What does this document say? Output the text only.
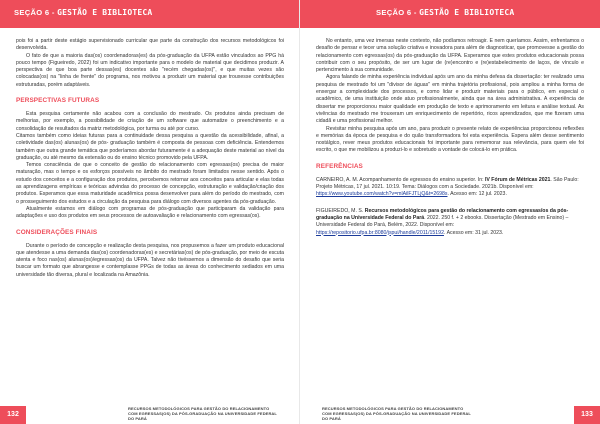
SEÇÃO 6 - GESTÃO E BIBLIOTECA

pois foi a partir deste estágio supervisionado curricular que parte da construção dos recursos metodológicos foi desenvolvida.

O fato de que a maioria das(os) coordenadoras(es) da pós-graduação da UFPA estão vinculados ao PPG há pouco tempo (Figueiredo, 2022) foi um indicativo importante para o modelo de material que decidimos produzir. A perspectiva de que boa parte dessas(es) docentes são "recém chegadas(os)", e que muitas vezes são colocadas(os) na "linha de frente" do programa, nos motivou a produzir um material que trouxesse contribuições estruturadas, porém adaptáveis.

PERSPECTIVAS FUTURAS

Esta pesquisa certamente não acabou com a conclusão do mestrado. Os produtos ainda precisam de melhorias, por exemplo, a possibilidade de criação de um software que automatize o preenchimento e a consolidação de resultados da matriz metodológica, por turma ou até por curso.

Citamos também como ideias futuras para a continuidade dessa pesquisa a questão da acessibilidade, afinal, a coletividade das(os) alunas(os) de pós- graduação também é composta de pessoas com deficiência. Entendemos também que outra grande temática que poderíamos abordar futuramente é a adequação deste material ao nível da graduação, ou até mesmo da extensão ou do ensino técnico promovido pela UFPA.

Temos consciência de que o conceito de gestão do relacionamento com egressas(os) precisa de maior maturação, mas o tempo e os esforços possíveis no âmbito do mestrado foram limitados nesse sentido. Após o estudo dos conceitos e a configuração dos produtos, percebemos retornar aos conceitos para articular e elas todas as aprendizagens empíricas e teóricas advindas do processo de concepção, estruturação e validação/criação dos produtos. Esperamos que essa maturidade acadêmica possa desenvolver para além do período do mestrado, com o prosseguimento dos estudos e a circulação da pesquisa para diálogo com diversos agentes da pós-graduação.

Atualmente estamos em diálogo com programas de pós-graduação que participaram da validação para adaptações e uso dos produtos em seus processos de autoavaliação e relacionamento com egressas(os).

CONSIDERAÇÕES FINAIS

Durante o período de concepção e realização desta pesquisa, nos propusemos a fazer um produto educacional que atendesse a uma demanda das(os) coordenadoras(es) e secretárias(os) de pós-graduação, por meio de escuta atenta e foco nas(os) alunas(os)/egressas(os) da UFPA. Talvez não tivéssemos a dimensão do desafio que seria buscar um formato que abrangesse e contemplasse PPGs de todas as áreas do conhecimento sediados em uma universidade tão diversa, plural e localizada na Amazônia.

132
RECURSOS METODOLÓGICOS PARA GESTÃO DO RELACIONAMENTO COM EGRESSAS(OS) DA PÓS-GRADUAÇÃO NA UNIVERSIDADE FEDERAL DO PARÁ
SEÇÃO 6 - GESTÃO E BIBLIOTECA

No entanto, uma vez imersas neste contexto, não podíamos retroagir. E nem queríamos. Assim, enfrentamos o desafio de pensar e tecer uma solução criativa e inovadora para além de diagnosticar, que promovesse a gestão do relacionamento com egressas(os) da pós-graduação da UFPA. Esperamos que estes produtos educacionais possa contribuir com o seu propósito, de ser um lugar de (re)encontro e (re)estabelecimento de laços, de vínculo e pertencimento à sua comunidade.

Agora falando de minha experiência individual após um ano da minha defesa da dissertação: ter realizado uma pesquisa de mestrado foi um "divisor de águas" em minha trajetória profissional, pois ampliou a minha forma de enxergar a complexidade dos processos, e como lidar e produzir materiais para o público, em especial o acadêmico, de uma instituição onde atuo profissionalmente, ainda que na área administrativa. A experiência de dissertar me proporcionou maior qualidade em produção de texto e aprimoramento em leitura e análise textual. As vivências do mestrado me trouxeram um enriquecimento de repertório, ricos aprendizados, que me fizeram uma cidadã e uma profissional melhor.

Revisitar minha pesquisa após um ano, para produzir o presente relato de experiências proporcionou reflexões e memórias da época de pesquisa e do quão transformadora foi esta experiência. Espera além desse sentimento nostálgico, rever meus produtos educacionais foi importante para rememorar sua relevância, para quem ele foi escrito, o que me mobilizou a produzi-lo e sobretudo a vontade de colocá-lo em prática.

REFERÊNCIAS

CARNEIRO, A. M. Acompanhamento de egressos do ensino superior. In: IV Fórum de Métricas 2021. São Paulo: Projeto Métricas, 17 jul. 2021. 10:19. Tema: Diálogos com a Sociedade. 2021b. Disponível em: https://www.youtube.com/watch?v=mlAilFJTLjQ&t=2698s. Acesso em: 12 jul. 2023.

FIGUEIREDO, M. S. Recursos metodológicos para gestão do relacionamento com egressas/os da pós-graduação na Universidade Federal do Pará. 2022. 250 f. + 2 ebooks. Dissertação (Mestrado em Ensino) – Universidade Federal do Pará, Belém, 2022. Disponível em: https://repositorio.ufpa.br:8080/jspui/handle/2011/15192. Acesso em: 31 jul. 2023.

RECURSOS METODOLÓGICOS PARA GESTÃO DO RELACIONAMENTO COM EGRESSAS(OS) DA PÓS-GRADUAÇÃO NA UNIVERSIDADE FEDERAL DO PARÁ
133
